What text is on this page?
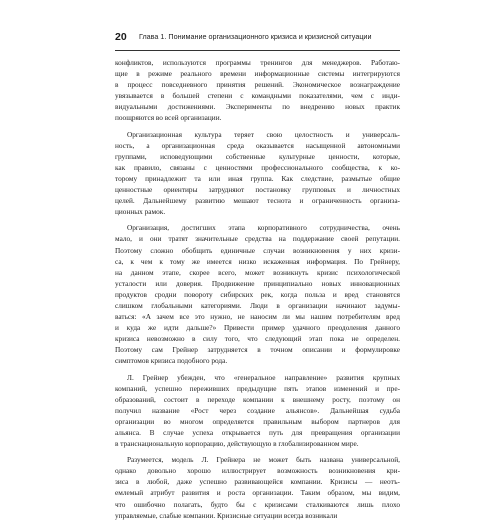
20 Глава 1. Понимание организационного кризиса и кризисной ситуации
конфликтов, используются программы тренингов для менеджеров. Работаю-
щие в режиме реального времени информационные системы интегрируются
в процесс повседневного принятия решений. Экономическое вознаграждение
увязывается в большей степени с командными показателями, чем с инди-
видуальными достижениями. Эксперименты по внедрению новых практик
поощряются во всей организации.
Организационная культура теряет свою целостность и универсаль-
ность, а организационная среда оказывается насыщенной автономными
группами, исповедующими собственные культурные ценности, которые,
как правило, связаны с ценностями профессионального сообщества, к ко-
торому принадлежит та или иная группа. Как следствие, размытые общие
ценностные ориентиры затрудняют постановку групповых и личностных
целей. Дальнейшему развитию мешают теснота и ограниченность организа-
ционных рамок.
Организация, достигших этапа корпоративного сотрудничества, очень
мало, и они тратят значительные средства на поддержание своей репутации.
Поэтому сложно обобщить единичные случаи возникновения у них кризи-
са, к чем к тому же имеется низко искаженная информация. По Грейнеру,
на данном этапе, скорее всего, может возникнуть кризис психологической
усталости или доверия. Продвижение принципиально новых инновационных
продуктов сродни повороту сибирских рек, когда польза и вред становятся
слишком глобальными категориями. Люди в организации начинают задумы-
ваться: «А зачем все это нужно, не наносим ли мы нашим потребителям вред
и куда же идти дальше?» Привести пример удачного преодоления данного
кризиса невозможно в силу того, что следующий этап пока не определен.
Поэтому сам Грейнер затрудняется в точном описании и формулировке
симптомов кризиса подобного рода.
Л. Грейнер убежден, что «генеральное направление» развития крупных
компаний, успешно переживших предыдущие пять этапов изменений и пре-
образований, состоит в переходе компании к внешнему росту, поэтому он
получил название «Рост через создание альянсов». Дальнейшая судьба
организации во многом определяется правильным выбором партнеров для
альянса. В случае успеха открывается путь для превращения организации
в транснациональную корпорацию, действующую в глобализированном мире.
Разумеется, модель Л. Грейнера не может быть названа универсальной,
однако довольно хорошо иллюстрирует возможность возникновения кри-
зиса в любой, даже успешно развивающейся компании. Кризисы — неотъ-
емлемый атрибут развития и роста организации. Таким образом, мы видим,
что ошибочно полагать, будто бы с кризисами сталкиваются лишь плохо
управляемые, слабые компании. Кризисные ситуации всегда возникали
